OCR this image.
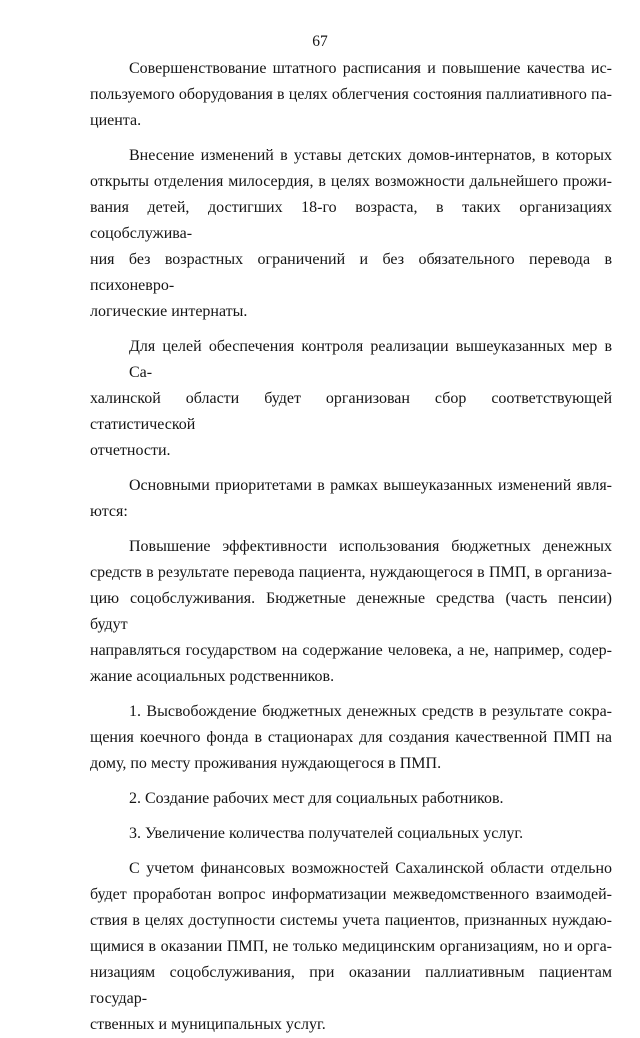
67

Совершенствование штатного расписания и повышение качества ис-
пользуемого оборудования в целях облегчения состояния паллиативного па-
циента.

Внесение изменений в уставы детских домов-интернатов, в которых
открыты отделения милосердия, в целях возможности дальнейшего прожи-
вания детей, достигших 18-го возраста, в таких организациях соцобслужива-
ния без возрастных ограничений и без обязательного перевода в психоневро-
логические интернаты.

Для целей обеспечения контроля реализации вышеуказанных мер в Са-
халинской области будет организован сбор соответствующей статистической
отчетности.

Основными приоритетами в рамках вышеуказанных изменений явля-
ются:

Повышение эффективности использования бюджетных денежных
средств в результате перевода пациента, нуждающегося в ПМП, в организа-
цию соцобслуживания. Бюджетные денежные средства (часть пенсии) будут
направляться государством на содержание человека, а не, например, содер-
жание асоциальных родственников.

1. Высвобождение бюджетных денежных средств в результате сокра-
щения коечного фонда в стационарах для создания качественной ПМП на
дому, по месту проживания нуждающегося в ПМП.

2. Создание рабочих мест для социальных работников.

3. Увеличение количества получателей социальных услуг.

С учетом финансовых возможностей Сахалинской области отдельно
будет проработан вопрос информатизации межведомственного взаимодей-
ствия в целях доступности системы учета пациентов, признанных нуждаю-
щимися в оказании ПМП, не только медицинским организациям, но и орга-
низациям соцобслуживания, при оказании паллиативным пациентам государ-
ственных и муниципальных услуг.
